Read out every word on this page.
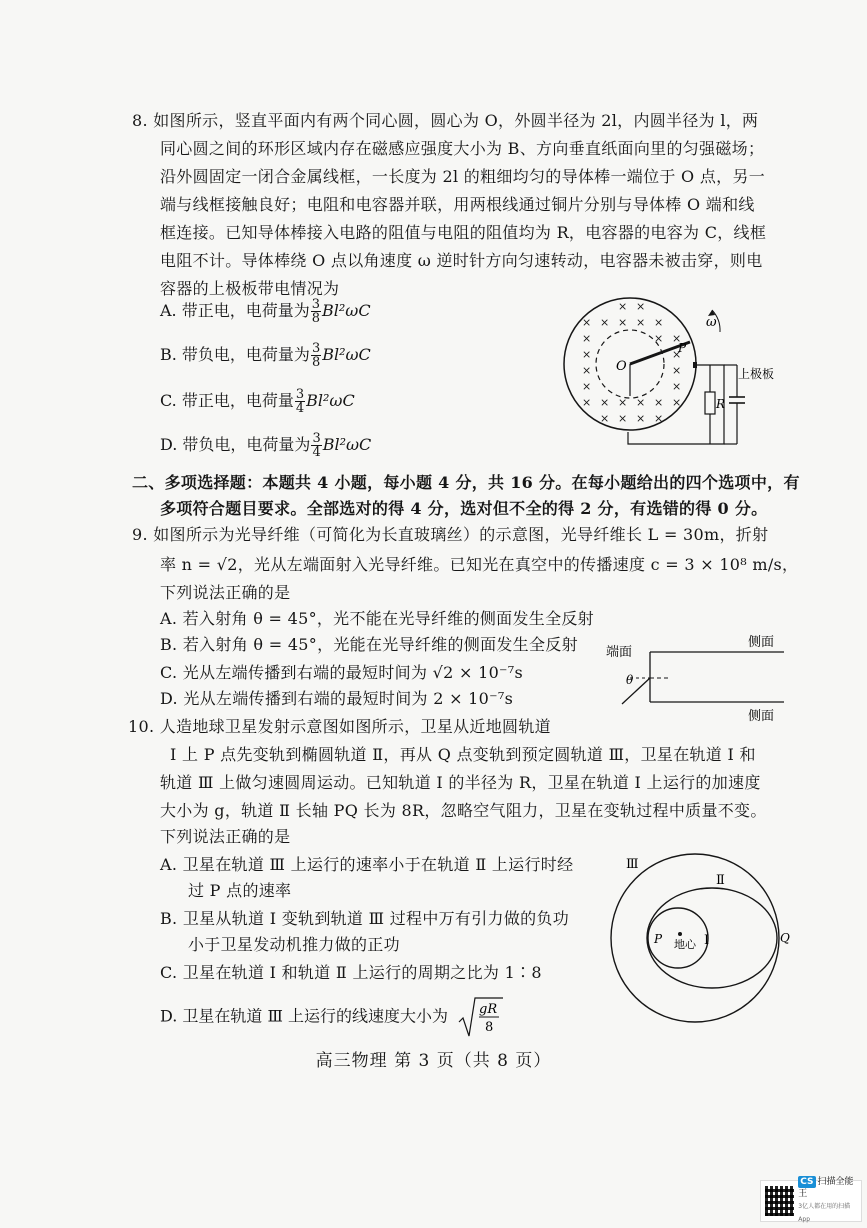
8. 如图所示，竖直平面内有两个同心圆，圆心为 O，外圆半径为 2l，内圆半径为 l，两
同心圆之间的环形区域内存在磁感应强度大小为 B、方向垂直纸面向里的匀强磁场；
沿外圆固定一闭合金属线框，一长度为 2l 的粗细均匀的导体棒一端位于 O 点，另一
端与线框接触良好；电阻和电容器并联，用两根线通过铜片分别与导体棒 O 端和线
框连接。已知导体棒接入电路的阻值与电阻的阻值均为 R，电容器的电容为 C，线框
电阻不计。导体棒绕 O 点以角速度 ω 逆时针方向匀速转动，电容器未被击穿，则电
容器的上极板带电情况为
A. 带正电，电荷量为 $\frac{3}{8} Bl^2\omega C$
B. 带负电，电荷量为 $\frac{3}{8} Bl^2\omega C$
C. 带正电，电荷量 $\frac{3}{4} Bl^2\omega C$
D. 带负电，电荷量为 $\frac{3}{4} Bl^2\omega C$
× ×
× × × × ×
×	× ×
×	×
×	×
×	×
× × × × × ×
× × × ×
O
P
ω
R
上极板
二、多项选择题：本题共 4 小题，每小题 4 分，共 16 分。在每小题给出的四个选项中，有
多项符合题目要求。全部选对的得 4 分，选对但不全的得 2 分，有选错的得 0 分。
9. 如图所示为光导纤维（可简化为长直玻璃丝）的示意图，光导纤维长 L = 30m，折射
率 n = √2，光从左端面射入光导纤维。已知光在真空中的传播速度 c = 3 × 10⁸ m/s，
下列说法正确的是
A. 若入射角 θ = 45°，光不能在光导纤维的侧面发生全反射
B. 若入射角 θ = 45°，光能在光导纤维的侧面发生全反射
C. 光从左端传播到右端的最短时间为 √2 × 10⁻⁷s
D. 光从左端传播到右端的最短时间为 2 × 10⁻⁷s
θ
端面
侧面
侧面
10. 人造地球卫星发射示意图如图所示，卫星从近地圆轨道
Ⅰ 上 P 点先变轨到椭圆轨道 Ⅱ，再从 Q 点变轨到预定圆轨道 Ⅲ，卫星在轨道 Ⅰ 和
轨道 Ⅲ 上做匀速圆周运动。已知轨道 Ⅰ 的半径为 R，卫星在轨道 Ⅰ 上运行的加速度
大小为 g，轨道 Ⅱ 长轴 PQ 长为 8R，忽略空气阻力，卫星在变轨过程中质量不变。
下列说法正确的是
A. 卫星在轨道 Ⅲ 上运行的速率小于在轨道 Ⅱ 上运行时经
过 P 点的速率
B. 卫星从轨道 Ⅰ 变轨到轨道 Ⅲ 过程中万有引力做的负功
小于卫星发动机推力做的正功
C. 卫星在轨道 Ⅰ 和轨道 Ⅱ 上运行的周期之比为 1∶8
D. 卫星在轨道 Ⅲ 上运行的线速度大小为 gR
8
地心 Ⅰ
Ⅱ
Ⅲ
P	Q
高三物理 第 3 页（共 8 页）
CS 扫描全能王
3亿人都在用的扫描App
